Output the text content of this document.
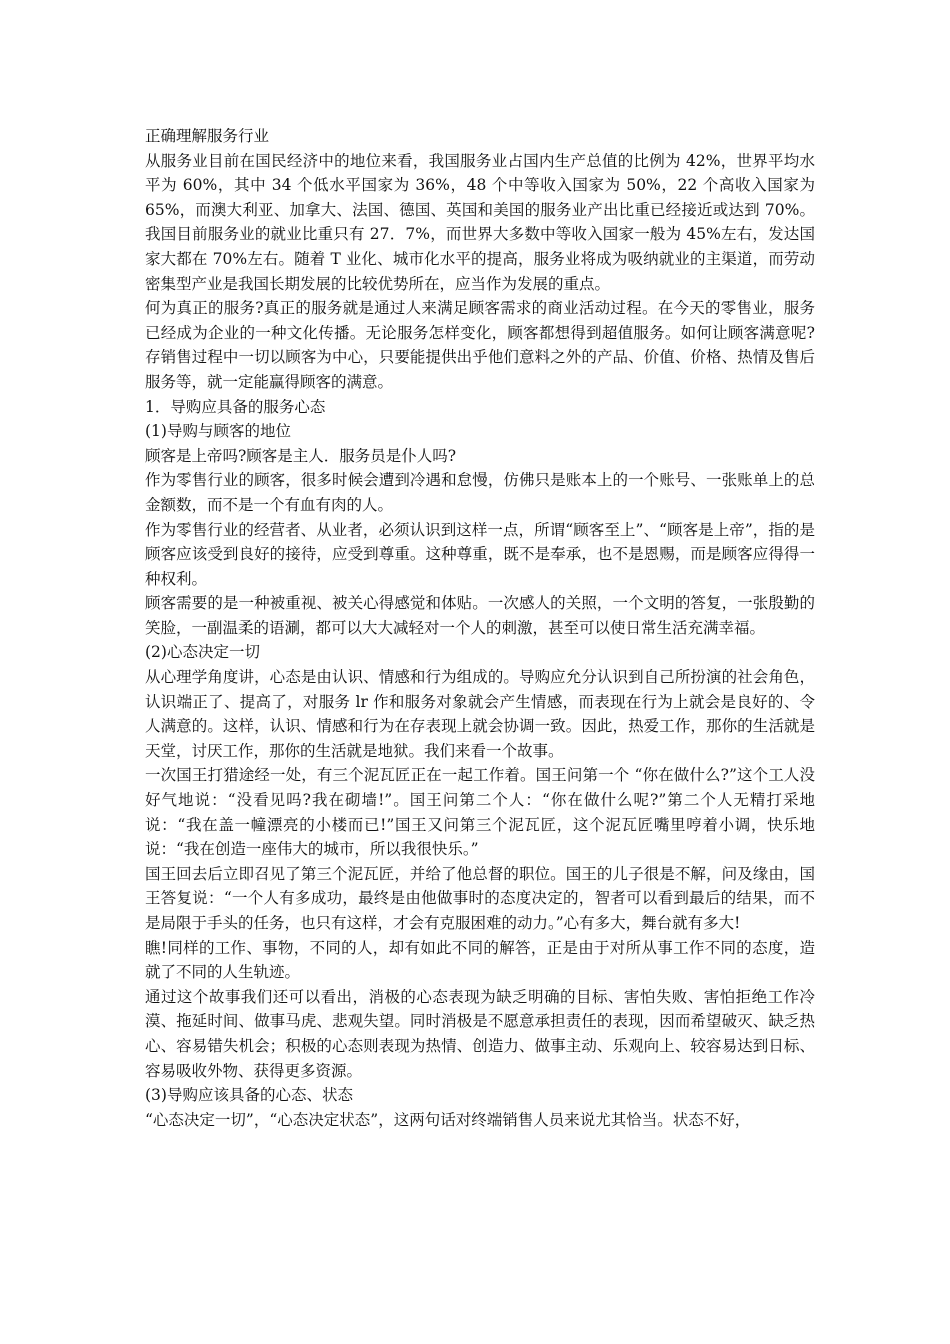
正确理解服务行业

从服务业目前在国民经济中的地位来看，我国服务业占国内生产总值的比例为 42%，世界平均水平为 60%，其中 34 个低水平国家为 36%，48 个中等收入国家为 50%，22 个高收入国家为 65%，而澳大利亚、加拿大、法国、德国、英国和美国的服务业产出比重已经接近或达到 70%。我国目前服务业的就业比重只有 27．7%，而世界大多数中等收入国家一般为 45%左右，发达国家大都在 70%左右。随着 T 业化、城市化水平的提高，服务业将成为吸纳就业的主渠道，而劳动密集型产业是我国长期发展的比较优势所在，应当作为发展的重点。

何为真正的服务?真正的服务就是通过人来满足顾客需求的商业活动过程。在今天的零售业，服务已经成为企业的一种文化传播。无论服务怎样变化，顾客都想得到超值服务。如何让顾客满意呢?存销售过程中一切以顾客为中心，只要能提供出乎他们意料之外的产品、价值、价格、热情及售后服务等，就一定能赢得顾客的满意。

1．导购应具备的服务心态

(1)导购与顾客的地位

顾客是上帝吗?顾客是主人．服务员是仆人吗?

作为零售行业的顾客，很多时候会遭到冷遇和怠慢，仿佛只是账本上的一个账号、一张账单上的总金额数，而不是一个有血有肉的人。

作为零售行业的经营者、从业者，必须认识到这样一点，所谓“顾客至上”、“顾客是上帝”，指的是顾客应该受到良好的接待，应受到尊重。这种尊重，既不是奉承，也不是恩赐，而是顾客应得得一种权利。

顾客需要的是一种被重视、被关心得感觉和体贴。一次感人的关照，一个文明的答复，一张殷勤的笑脸，一副温柔的语涮，都可以大大减轻对一个人的刺激，甚至可以使日常生活充满幸福。

(2)心态决定一切

从心理学角度讲，心态是由认识、情感和行为组成的。导购应允分认识到自己所扮演的社会角色，认识端正了、提高了，对服务 lr 作和服务对象就会产生情感，而表现在行为上就会是良好的、令人满意的。这样，认识、情感和行为在存表现上就会协调一致。因此，热爱工作，那你的生活就是天堂，讨厌工作，那你的生活就是地狱。我们来看一个故事。

一次国王打猎途经一处，有三个泥瓦匠正在一起工作着。国王问第一个 “你在做什么?”这个工人没好气地说：“没看见吗?我在砌墙!”。国王问第二个人：“你在做什么呢?”第二个人无精打采地说：“我在盖一幢漂亮的小楼而已!”国王又问第三个泥瓦匠，这个泥瓦匠嘴里哼着小调，快乐地说：“我在创造一座伟大的城市，所以我很快乐。”

国王回去后立即召见了第三个泥瓦匠，并给了他总督的职位。国王的儿子很是不解，问及缘由，国王答复说：“一个人有多成功，最终是由他做事时的态度决定的，智者可以看到最后的结果，而不是局限于手头的任务，也只有这样，才会有克服困难的动力。”心有多大，舞台就有多大!

瞧!同样的工作、事物，不同的人，却有如此不同的解答，正是由于对所从事工作不同的态度，造就了不同的人生轨迹。

通过这个故事我们还可以看出，消极的心态表现为缺乏明确的目标、害怕失败、害怕拒绝工作冷漠、拖延时间、做事马虎、悲观失望。同时消极是不愿意承担责任的表现，因而希望破灭、缺乏热心、容易错失机会；积极的心态则表现为热情、创造力、做事主动、乐观向上、较容易达到日标、容易吸收外物、获得更多资源。

(3)导购应该具备的心态、状态

“心态决定一切”，“心态决定状态”，这两句话对终端销售人员来说尤其恰当。状态不好，
